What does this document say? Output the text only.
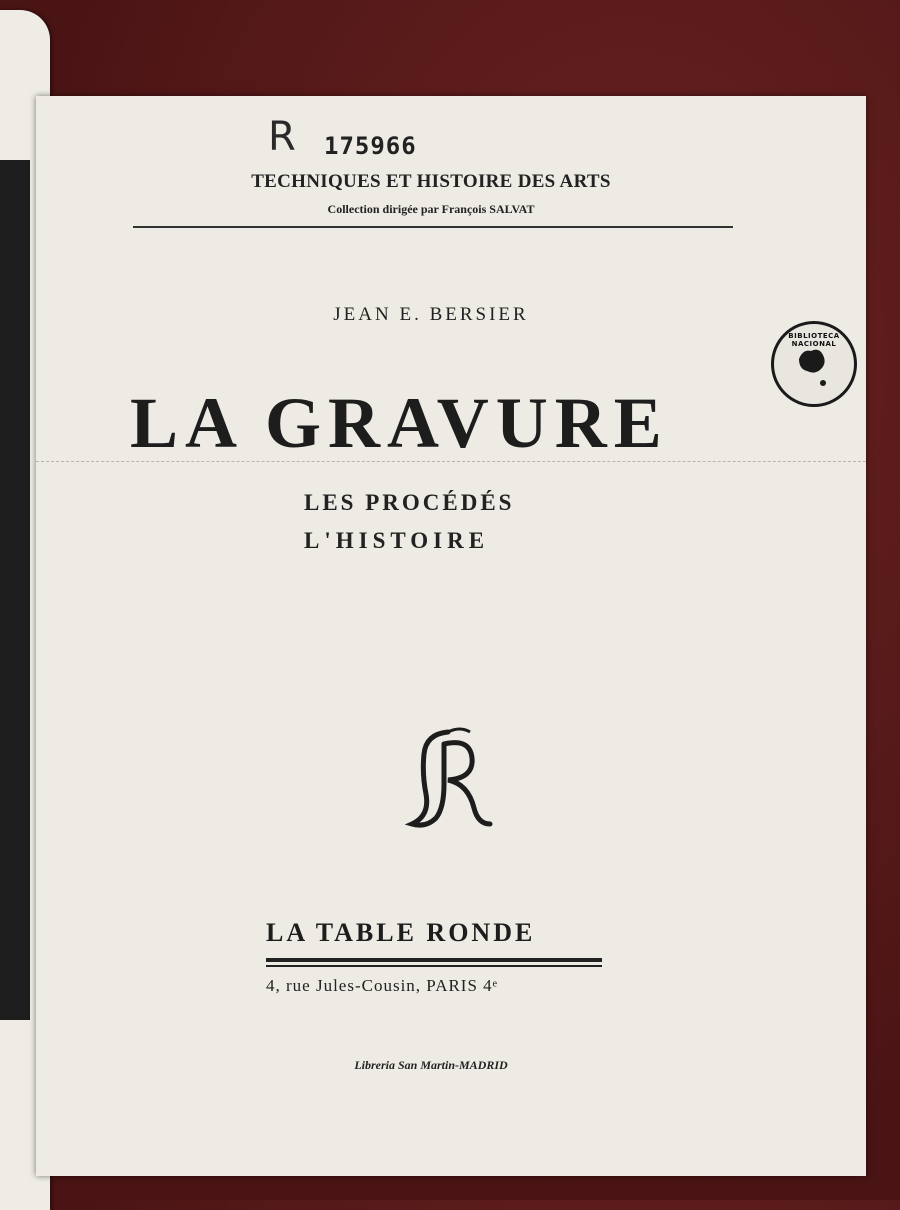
R 175966
TECHNIQUES ET HISTOIRE DES ARTS
Collection dirigée par François SALVAT
JEAN E. BERSIER
LA GRAVURE
BIBLIOTECA NACIONAL
LES PROCÉDÉS
L'HISTOIRE
LA TABLE RONDE
4, rue Jules-Cousin, PARIS 4ᵉ
Libreria San Martin-MADRID
